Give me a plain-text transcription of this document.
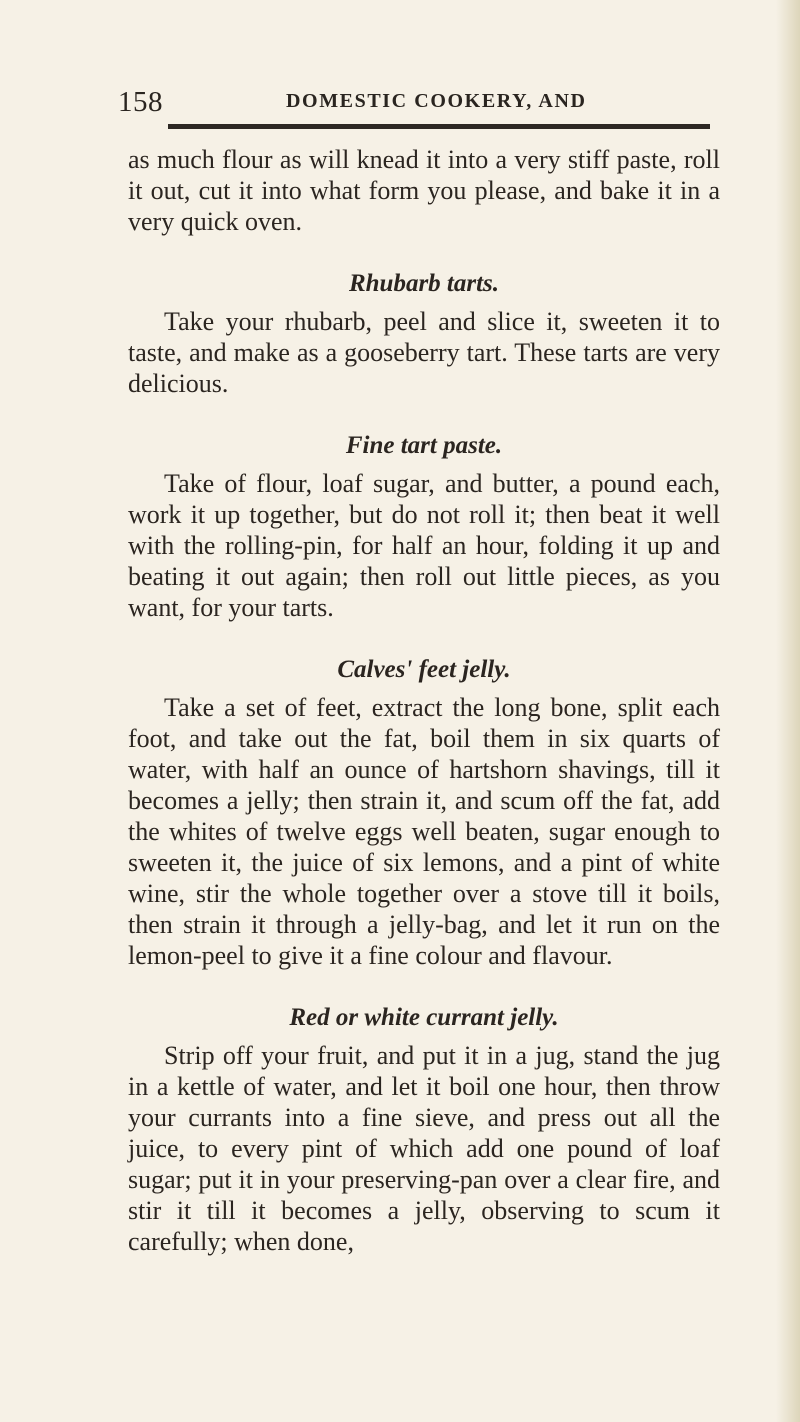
158	DOMESTIC COOKERY, AND

as much flour as will knead it into a very stiff paste, roll it out, cut it into what form you please, and bake it in a very quick oven.

Rhubarb tarts.

Take your rhubarb, peel and slice it, sweeten it to taste, and make as a gooseberry tart. These tarts are very delicious.

Fine tart paste.

Take of flour, loaf sugar, and butter, a pound each, work it up together, but do not roll it; then beat it well with the rolling-pin, for half an hour, folding it up and beating it out again; then roll out little pieces, as you want, for your tarts.

Calves' feet jelly.

Take a set of feet, extract the long bone, split each foot, and take out the fat, boil them in six quarts of water, with half an ounce of hartshorn shavings, till it becomes a jelly; then strain it, and scum off the fat, add the whites of twelve eggs well beaten, sugar enough to sweeten it, the juice of six lemons, and a pint of white wine, stir the whole together over a stove till it boils, then strain it through a jelly-bag, and let it run on the lemon-peel to give it a fine colour and flavour.

Red or white currant jelly.

Strip off your fruit, and put it in a jug, stand the jug in a kettle of water, and let it boil one hour, then throw your currants into a fine sieve, and press out all the juice, to every pint of which add one pound of loaf sugar; put it in your preserving-pan over a clear fire, and stir it till it becomes a jelly, observing to scum it carefully; when done,
